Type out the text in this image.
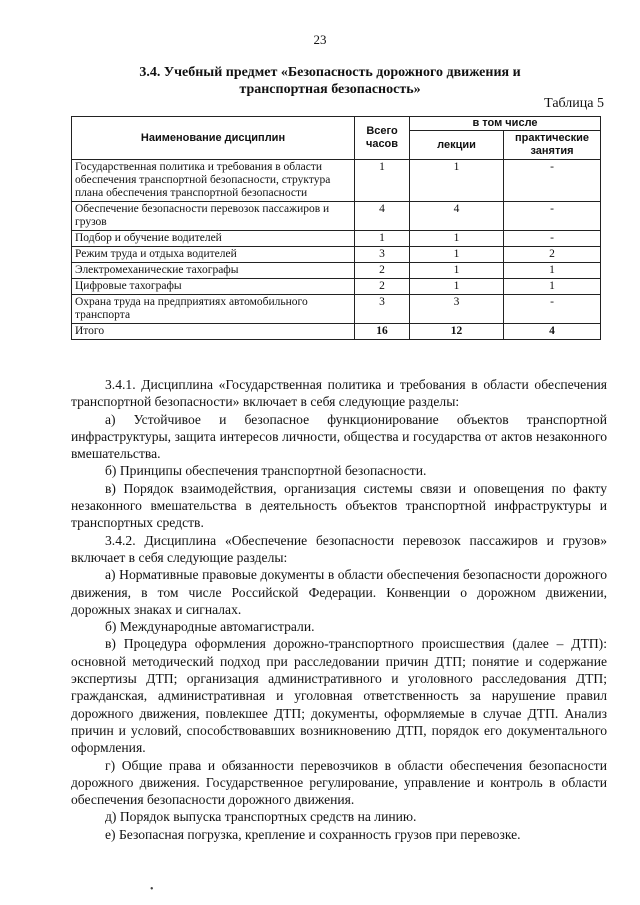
23
3.4. Учебный предмет «Безопасность дорожного движения и транспортная безопасность»
Таблица 5
Наименование дисциплин	Всего часов	в том числе	
		лекции	практические занятия
Государственная политика и требования в области обеспечения транспортной безопасности, структура плана обеспечения транспортной безопасности	1	1	-
Обеспечение безопасности перевозок пассажиров и грузов	4	4	-
Подбор и обучение водителей	1	1	-
Режим труда и отдыха водителей	3	1	2
Электромеханические тахографы	2	1	1
Цифровые тахографы	2	1	1
Охрана труда на предприятиях автомобильного транспорта	3	3	-
Итого	16	12	4

3.4.1. Дисциплина «Государственная политика и требования в области обеспечения транспортной безопасности» включает в себя следующие разделы:

а) Устойчивое и безопасное функционирование объектов транспортной инфраструктуры, защита интересов личности, общества и государства от актов незаконного вмешательства.

б) Принципы обеспечения транспортной безопасности.

в) Порядок взаимодействия, организация системы связи и оповещения по факту незаконного вмешательства в деятельность объектов транспортной инфраструктуры и транспортных средств.

3.4.2. Дисциплина «Обеспечение безопасности перевозок пассажиров и грузов» включает в себя следующие разделы:

а) Нормативные правовые документы в области обеспечения безопасности дорожного движения, в том числе Российской Федерации. Конвенции о дорожном движении, дорожных знаках и сигналах.

б) Международные автомагистрали.

в) Процедура оформления дорожно-транспортного происшествия (далее – ДТП): основной методический подход при расследовании причин ДТП; понятие и содержание экспертизы ДТП; организация административного и уголовного расследования ДТП; гражданская, административная и уголовная ответственность за нарушение правил дорожного движения, повлекшее ДТП; документы, оформляемые в случае ДТП. Анализ причин и условий, способствовавших возникновению ДТП, порядок его документального оформления.

г) Общие права и обязанности перевозчиков в области обеспечения безопасности дорожного движения. Государственное регулирование, управление и контроль в области обеспечения безопасности дорожного движения.

д) Порядок выпуска транспортных средств на линию.

е) Безопасная погрузка, крепление и сохранность грузов при перевозке.

•
